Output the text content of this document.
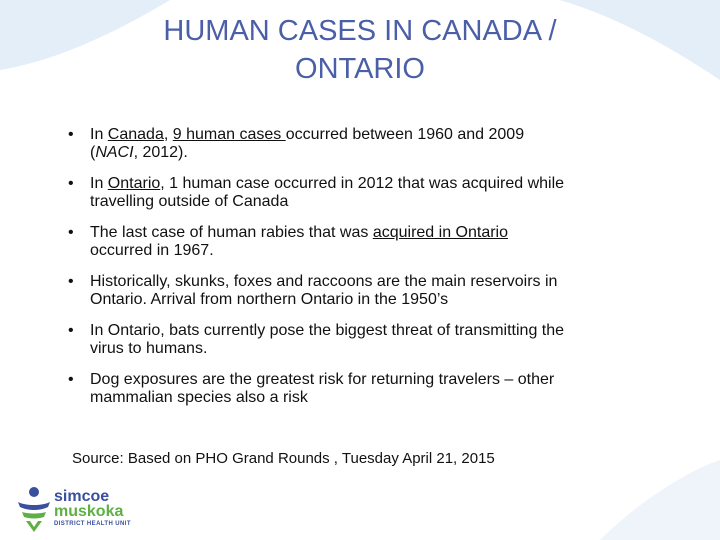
HUMAN CASES IN CANADA /
ONTARIO
• In Canada, 9 human cases occurred between 1960 and 2009
(NACI, 2012).
• In Ontario, 1 human case occurred in 2012 that was acquired while
travelling outside of Canada
• The last case of human rabies that was acquired in Ontario
occurred in 1967.
• Historically, skunks, foxes and raccoons are the main reservoirs in
Ontario. Arrival from northern Ontario in the 1950’s
• In Ontario, bats currently pose the biggest threat of transmitting the
virus to humans.
• Dog exposures are the greatest risk for returning travelers – other
mammalian species also a risk
Source: Based on PHO Grand Rounds , Tuesday April 21, 2015
simcoe
muskoka
DISTRICT HEALTH UNIT
